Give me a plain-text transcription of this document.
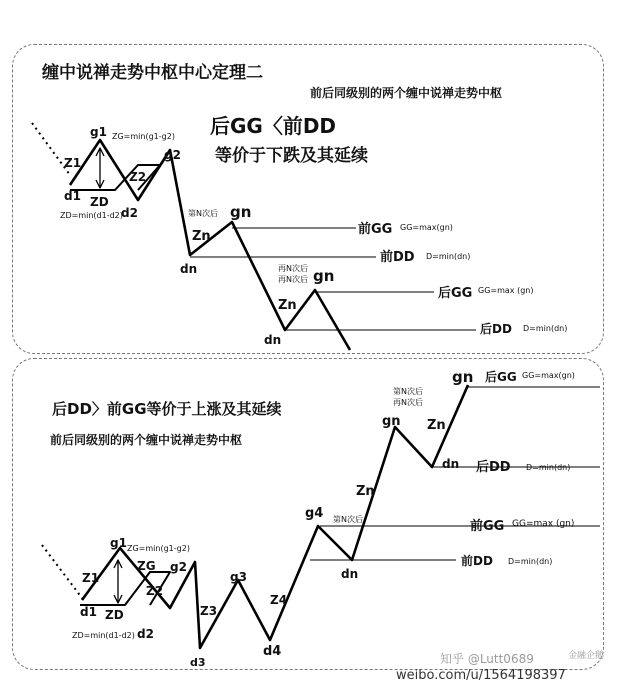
缠中说禅走势中枢中心定理二
前后同级别的两个缠中说禅走势中枢
后GG〈前DD
等价于下跌及其延续
g1 ZG=min(g1-g2)
g2
Z1
Z2
d1 ZD
d2
ZD=min(d1-d2)	第N次后 gn
Zn
dn	再N次后
再N次后 gn
Zn
dn
前GG GG=max(gn)
前DD D=min(dn)
后GG GG=max (gn)
后DD D=min(dn)
后DD〉前GG等价于上涨及其延续
前后同级别的两个缠中说禅走势中枢
g1 ZG=min(g1-g2)
g2
Z1
ZG
Z2
d1 ZD
d2
ZD=min(d1-d2)
Z3
g3
d3
Z4
d4
g4 第N次后
Zn
dn
gn
第N次后
再N次后
Zn
dn
gn 后GG GG=max(gn)
后DD D=min(dn)
前GG GG=max (gn)
前DD D=min(dn)
知乎 @Lutt0689	金融企鹅
weibo.com/u/1564198397
